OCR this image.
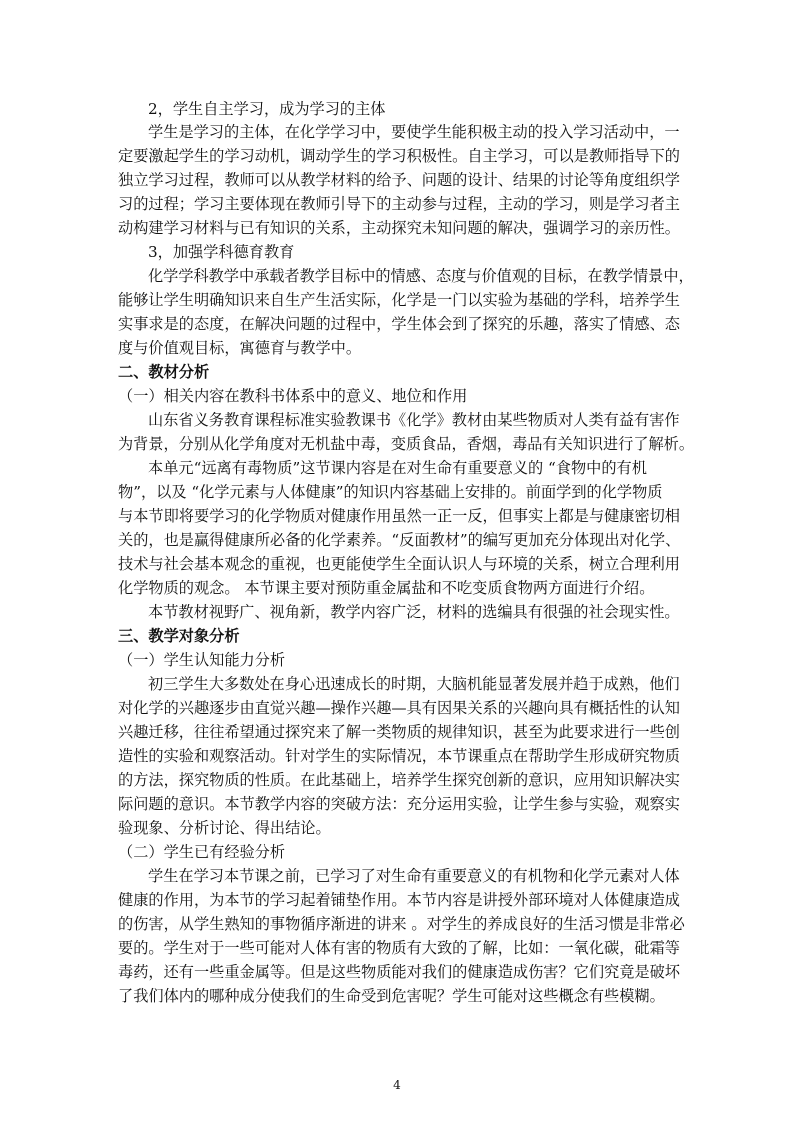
2，学生自主学习，成为学习的主体
学生是学习的主体，在化学学习中，要使学生能积极主动的投入学习活动中，一
定要激起学生的学习动机，调动学生的学习积极性。自主学习，可以是教师指导下的
独立学习过程，教师可以从教学材料的给予、问题的设计、结果的讨论等角度组织学
习的过程；学习主要体现在教师引导下的主动参与过程，主动的学习，则是学习者主
动构建学习材料与已有知识的关系，主动探究未知问题的解决，强调学习的亲历性。
3，加强学科德育教育
化学学科教学中承载者教学目标中的情感、态度与价值观的目标，在教学情景中，
能够让学生明确知识来自生产生活实际，化学是一门以实验为基础的学科，培养学生
实事求是的态度，在解决问题的过程中，学生体会到了探究的乐趣，落实了情感、态
度与价值观目标，寓德育与教学中。
二、教材分析
（一）相关内容在教科书体系中的意义、地位和作用
山东省义务教育课程标准实验教课书《化学》教材由某些物质对人类有益有害作
为背景，分别从化学角度对无机盐中毒，变质食品，香烟，毒品有关知识进行了解析。
本单元“远离有毒物质”这节课内容是在对生命有重要意义的 “食物中的有机
物”，以及 “化学元素与人体健康”的知识内容基础上安排的。前面学到的化学物质
与本节即将要学习的化学物质对健康作用虽然一正一反，但事实上都是与健康密切相
关的，也是赢得健康所必备的化学素养。“反面教材”的编写更加充分体现出对化学、
技术与社会基本观念的重视，也更能使学生全面认识人与环境的关系，树立合理利用
化学物质的观念。 本节课主要对预防重金属盐和不吃变质食物两方面进行介绍。
本节教材视野广、视角新，教学内容广泛，材料的选编具有很强的社会现实性。
三、教学对象分析
（一）学生认知能力分析
初三学生大多数处在身心迅速成长的时期，大脑机能显著发展并趋于成熟，他们
对化学的兴趣逐步由直觉兴趣—操作兴趣—具有因果关系的兴趣向具有概括性的认知
兴趣迁移，往往希望通过探究来了解一类物质的规律知识，甚至为此要求进行一些创
造性的实验和观察活动。针对学生的实际情况，本节课重点在帮助学生形成研究物质
的方法，探究物质的性质。在此基础上，培养学生探究创新的意识，应用知识解决实
际问题的意识。本节教学内容的突破方法：充分运用实验，让学生参与实验，观察实
验现象、分析讨论、得出结论。
（二）学生已有经验分析
学生在学习本节课之前，已学习了对生命有重要意义的有机物和化学元素对人体
健康的作用，为本节的学习起着铺垫作用。本节内容是讲授外部环境对人体健康造成
的伤害，从学生熟知的事物循序渐进的讲来 。对学生的养成良好的生活习惯是非常必
要的。学生对于一些可能对人体有害的物质有大致的了解，比如：一氧化碳，砒霜等
毒药，还有一些重金属等。但是这些物质能对我们的健康造成伤害？它们究竟是破坏
了我们体内的哪种成分使我们的生命受到危害呢？学生可能对这些概念有些模糊。
4
